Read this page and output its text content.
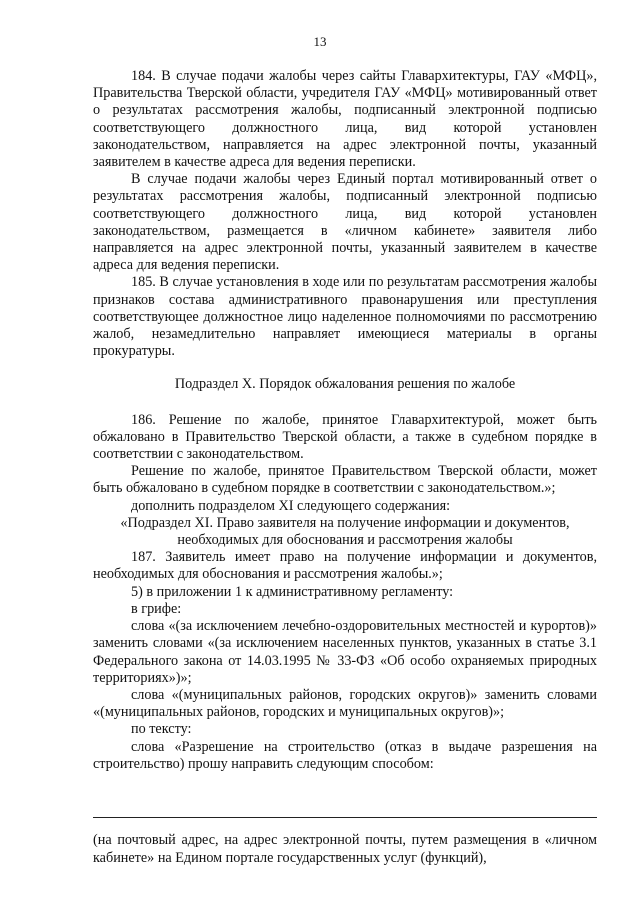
13

184. В случае подачи жалобы через сайты Главархитектуры, ГАУ «МФЦ», Правительства Тверской области, учредителя ГАУ «МФЦ» мотивированный ответ о результатах рассмотрения жалобы, подписанный электронной подписью соответствующего должностного лица, вид которой установлен законодательством, направляется на адрес электронной почты, указанный заявителем в качестве адреса для ведения переписки.

В случае подачи жалобы через Единый портал мотивированный ответ о результатах рассмотрения жалобы, подписанный электронной подписью соответствующего должностного лица, вид которой установлен законодательством, размещается в «личном кабинете» заявителя либо направляется на адрес электронной почты, указанный заявителем в качестве адреса для ведения переписки.

185. В случае установления в ходе или по результатам рассмотрения жалобы признаков состава административного правонарушения или преступления соответствующее должностное лицо наделенное полномочиями по рассмотрению жалоб, незамедлительно направляет имеющиеся материалы в органы прокуратуры.

Подраздел X. Порядок обжалования решения по жалобе

186. Решение по жалобе, принятое Главархитектурой, может быть обжаловано в Правительство Тверской области, а также в судебном порядке в соответствии с законодательством.

Решение по жалобе, принятое Правительством Тверской области, может быть обжаловано в судебном порядке в соответствии с законодательством.»;

дополнить подразделом XI следующего содержания:

«Подраздел XI. Право заявителя на получение информации и документов,

необходимых для обоснования и рассмотрения жалобы

187. Заявитель имеет право на получение информации и документов, необходимых для обоснования и рассмотрения жалобы.»;

5) в приложении 1 к административному регламенту:

в грифе:

слова «(за исключением лечебно-оздоровительных местностей и курортов)» заменить словами «(за исключением населенных пунктов, указанных в статье 3.1 Федерального закона от 14.03.1995 № 33-ФЗ «Об особо охраняемых природных территориях»)»;

слова «(муниципальных районов, городских округов)» заменить словами «(муниципальных районов, городских и муниципальных округов)»;

по тексту:

слова «Разрешение на строительство (отказ в выдаче разрешения на строительство) прошу направить следующим способом:

(на почтовый адрес, на адрес электронной почты, путем размещения в «личном кабинете» на Едином портале государственных услуг (функций),
